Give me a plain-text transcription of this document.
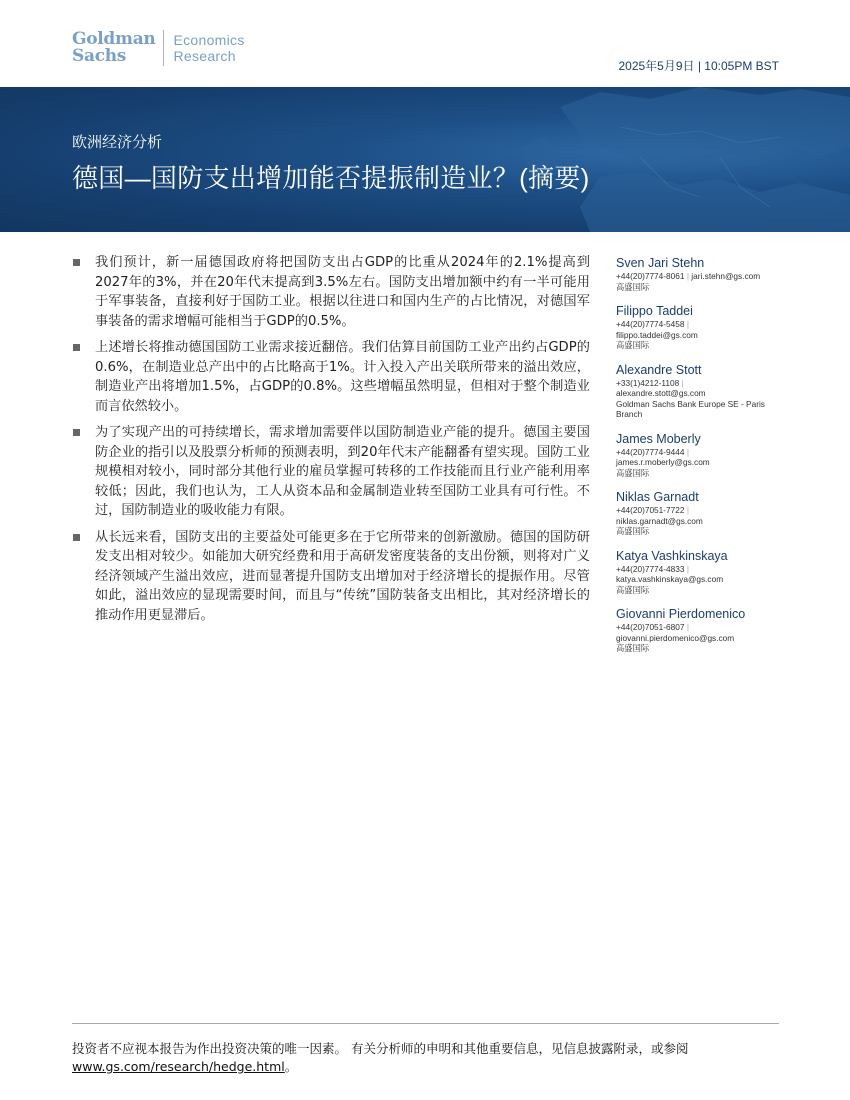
Goldman
Sachs
Economics
Research
2025年5月9日 | 10:05PM BST
欧洲经济分析
德国—国防支出增加能否提振制造业？(摘要)
我们预计，新一届德国政府将把国防支出占GDP的比重从2024年的2.1%提高到2027年的3%，并在20年代末提高到3.5%左右。国防支出增加额中约有一半可能用于军事装备，直接利好于国防工业。根据以往进口和国内生产的占比情况，对德国军事装备的需求增幅可能相当于GDP的0.5%。
上述增长将推动德国国防工业需求接近翻倍。我们估算目前国防工业产出约占GDP的0.6%，在制造业总产出中的占比略高于1%。计入投入产出关联所带来的溢出效应，制造业产出将增加1.5%，占GDP的0.8%。这些增幅虽然明显，但相对于整个制造业而言依然较小。
为了实现产出的可持续增长，需求增加需要伴以国防制造业产能的提升。德国主要国防企业的指引以及股票分析师的预测表明，到20年代末产能翻番有望实现。国防工业规模相对较小，同时部分其他行业的雇员掌握可转移的工作技能而且行业产能利用率较低；因此，我们也认为，工人从资本品和金属制造业转至国防工业具有可行性。不过，国防制造业的吸收能力有限。
从长远来看，国防支出的主要益处可能更多在于它所带来的创新激励。德国的国防研发支出相对较少。如能加大研究经费和用于高研发密度装备的支出份额，则将对广义经济领域产生溢出效应，进而显著提升国防支出增加对于经济增长的提振作用。尽管如此，溢出效应的显现需要时间，而且与“传统”国防装备支出相比，其对经济增长的推动作用更显滞后。
Sven Jari Stehn
+44(20)7774-8061 | jari.stehn@gs.com
高盛国际
Filippo Taddei
+44(20)7774-5458 |
filippo.taddei@gs.com
高盛国际
Alexandre Stott
+33(1)4212-1108 |
alexandre.stott@gs.com
Goldman Sachs Bank Europe SE - Paris Branch
James Moberly
+44(20)7774-9444 |
james.r.moberly@gs.com
高盛国际
Niklas Garnadt
+44(20)7051-7722 |
niklas.garnadt@gs.com
高盛国际
Katya Vashkinskaya
+44(20)7774-4833 |
katya.vashkinskaya@gs.com
高盛国际
Giovanni Pierdomenico
+44(20)7051-6807 |
giovanni.pierdomenico@gs.com
高盛国际
投资者不应视本报告为作出投资决策的唯一因素。 有关分析师的申明和其他重要信息，见信息披露附录，或参阅
www.gs.com/research/hedge.html。
